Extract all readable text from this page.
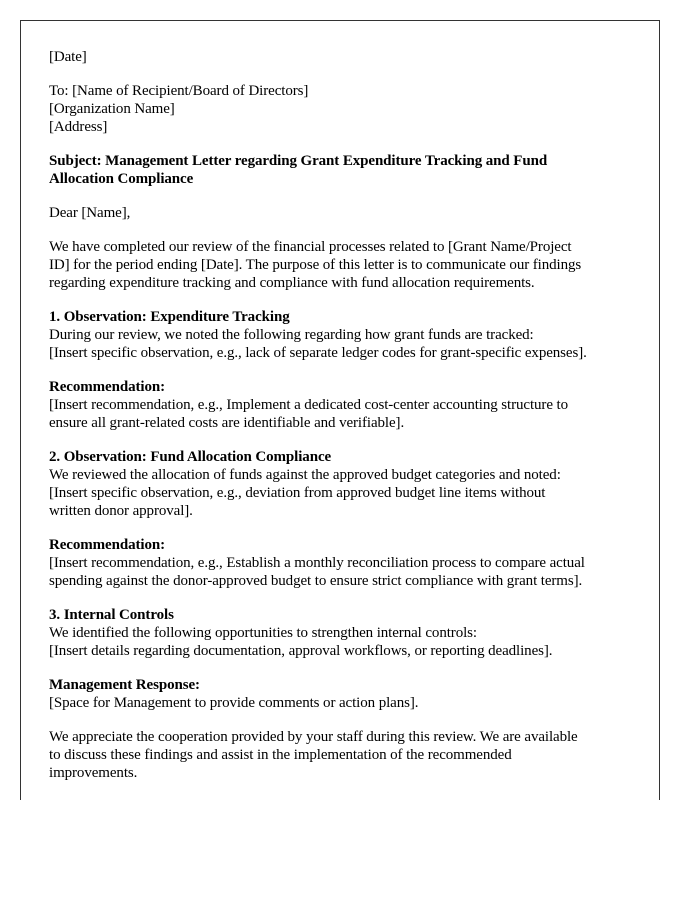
[Date]
To: [Name of Recipient/Board of Directors]
[Organization Name]
[Address]
Subject: Management Letter regarding Grant Expenditure Tracking and Fund
Allocation Compliance
Dear [Name],
We have completed our review of the financial processes related to [Grant Name/Project
ID] for the period ending [Date]. The purpose of this letter is to communicate our findings
regarding expenditure tracking and compliance with fund allocation requirements.
1. Observation: Expenditure Tracking
During our review, we noted the following regarding how grant funds are tracked:
[Insert specific observation, e.g., lack of separate ledger codes for grant-specific expenses].
Recommendation:
[Insert recommendation, e.g., Implement a dedicated cost-center accounting structure to
ensure all grant-related costs are identifiable and verifiable].
2. Observation: Fund Allocation Compliance
We reviewed the allocation of funds against the approved budget categories and noted:
[Insert specific observation, e.g., deviation from approved budget line items without
written donor approval].
Recommendation:
[Insert recommendation, e.g., Establish a monthly reconciliation process to compare actual
spending against the donor-approved budget to ensure strict compliance with grant terms].
3. Internal Controls
We identified the following opportunities to strengthen internal controls:
[Insert details regarding documentation, approval workflows, or reporting deadlines].
Management Response:
[Space for Management to provide comments or action plans].
We appreciate the cooperation provided by your staff during this review. We are available
to discuss these findings and assist in the implementation of the recommended
improvements.
